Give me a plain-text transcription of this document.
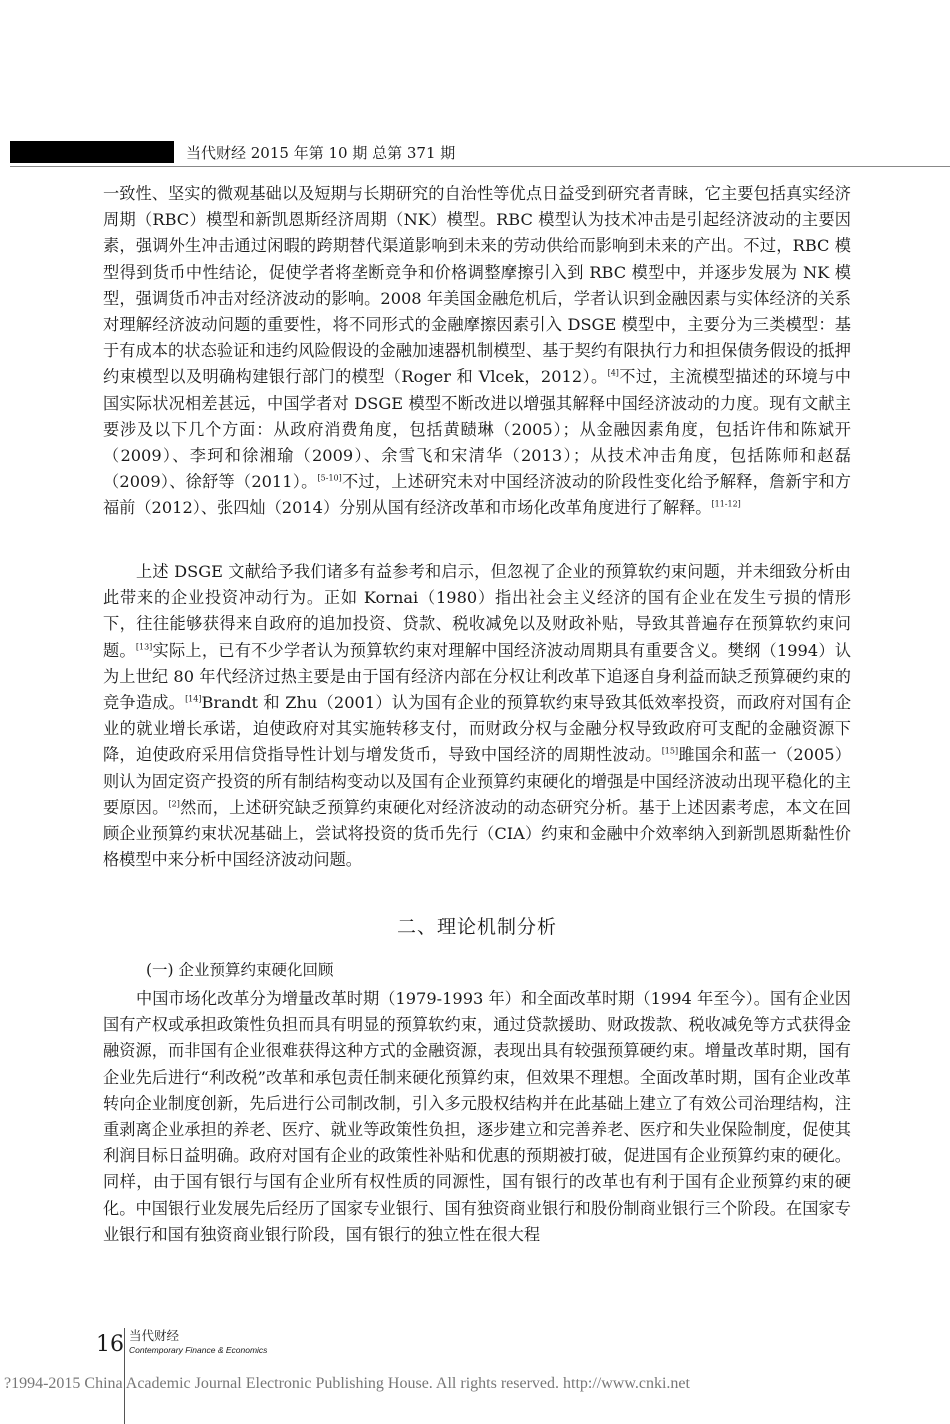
当代财经 2015 年第 10 期 总第 371 期

一致性、坚实的微观基础以及短期与长期研究的自治性等优点日益受到研究者青睐，它主要包括真实经济周期（RBC）模型和新凯恩斯经济周期（NK）模型。RBC 模型认为技术冲击是引起经济波动的主要因素，强调外生冲击通过闲暇的跨期替代渠道影响到未来的劳动供给而影响到未来的产出。不过，RBC 模型得到货币中性结论，促使学者将垄断竞争和价格调整摩擦引入到 RBC 模型中，并逐步发展为 NK 模型，强调货币冲击对经济波动的影响。2008 年美国金融危机后，学者认识到金融因素与实体经济的关系对理解经济波动问题的重要性，将不同形式的金融摩擦因素引入 DSGE 模型中，主要分为三类模型：基于有成本的状态验证和违约风险假设的金融加速器机制模型、基于契约有限执行力和担保债务假设的抵押约束模型以及明确构建银行部门的模型（Roger 和 Vlcek，2012）。[4]不过，主流模型描述的环境与中国实际状况相差甚远，中国学者对 DSGE 模型不断改进以增强其解释中国经济波动的力度。现有文献主要涉及以下几个方面：从政府消费角度，包括黄赜琳（2005）；从金融因素角度，包括许伟和陈斌开（2009）、李珂和徐湘瑜（2009）、余雪飞和宋清华（2013）；从技术冲击角度，包括陈师和赵磊（2009）、徐舒等（2011）。[5-10]不过，上述研究未对中国经济波动的阶段性变化给予解释，詹新宇和方福前（2012）、张四灿（2014）分别从国有经济改革和市场化改革角度进行了解释。[11-12]

上述 DSGE 文献给予我们诸多有益参考和启示，但忽视了企业的预算软约束问题，并未细致分析由此带来的企业投资冲动行为。正如 Kornai（1980）指出社会主义经济的国有企业在发生亏损的情形下，往往能够获得来自政府的追加投资、贷款、税收减免以及财政补贴，导致其普遍存在预算软约束问题。[13]实际上，已有不少学者认为预算软约束对理解中国经济波动周期具有重要含义。樊纲（1994）认为上世纪 80 年代经济过热主要是由于国有经济内部在分权让利改革下追逐自身利益而缺乏预算硬约束的竞争造成。[14]Brandt 和 Zhu（2001）认为国有企业的预算软约束导致其低效率投资，而政府对国有企业的就业增长承诺，迫使政府对其实施转移支付，而财政分权与金融分权导致政府可支配的金融资源下降，迫使政府采用信贷指导性计划与增发货币，导致中国经济的周期性波动。[15]雎国余和蓝一（2005）则认为固定资产投资的所有制结构变动以及国有企业预算约束硬化的增强是中国经济波动出现平稳化的主要原因。[2]然而，上述研究缺乏预算约束硬化对经济波动的动态研究分析。基于上述因素考虑，本文在回顾企业预算约束状况基础上，尝试将投资的货币先行（CIA）约束和金融中介效率纳入到新凯恩斯黏性价格模型中来分析中国经济波动问题。

二、理论机制分析
(一) 企业预算约束硬化回顾

中国市场化改革分为增量改革时期（1979-1993 年）和全面改革时期（1994 年至今）。国有企业因国有产权或承担政策性负担而具有明显的预算软约束，通过贷款援助、财政拨款、税收减免等方式获得金融资源，而非国有企业很难获得这种方式的金融资源，表现出具有较强预算硬约束。增量改革时期，国有企业先后进行“利改税”改革和承包责任制来硬化预算约束，但效果不理想。全面改革时期，国有企业改革转向企业制度创新，先后进行公司制改制，引入多元股权结构并在此基础上建立了有效公司治理结构，注重剥离企业承担的养老、医疗、就业等政策性负担，逐步建立和完善养老、医疗和失业保险制度，促使其利润目标日益明确。政府对国有企业的政策性补贴和优惠的预期被打破，促进国有企业预算约束的硬化。同样，由于国有银行与国有企业所有权性质的同源性，国有银行的改革也有利于国有企业预算约束的硬化。中国银行业发展先后经历了国家专业银行、国有独资商业银行和股份制商业银行三个阶段。在国家专业银行和国有独资商业银行阶段，国有银行的独立性在很大程

16 当代财经
Contemporary Finance & Economics
?1994-2015 China Academic Journal Electronic Publishing House. All rights reserved. http://www.cnki.net
